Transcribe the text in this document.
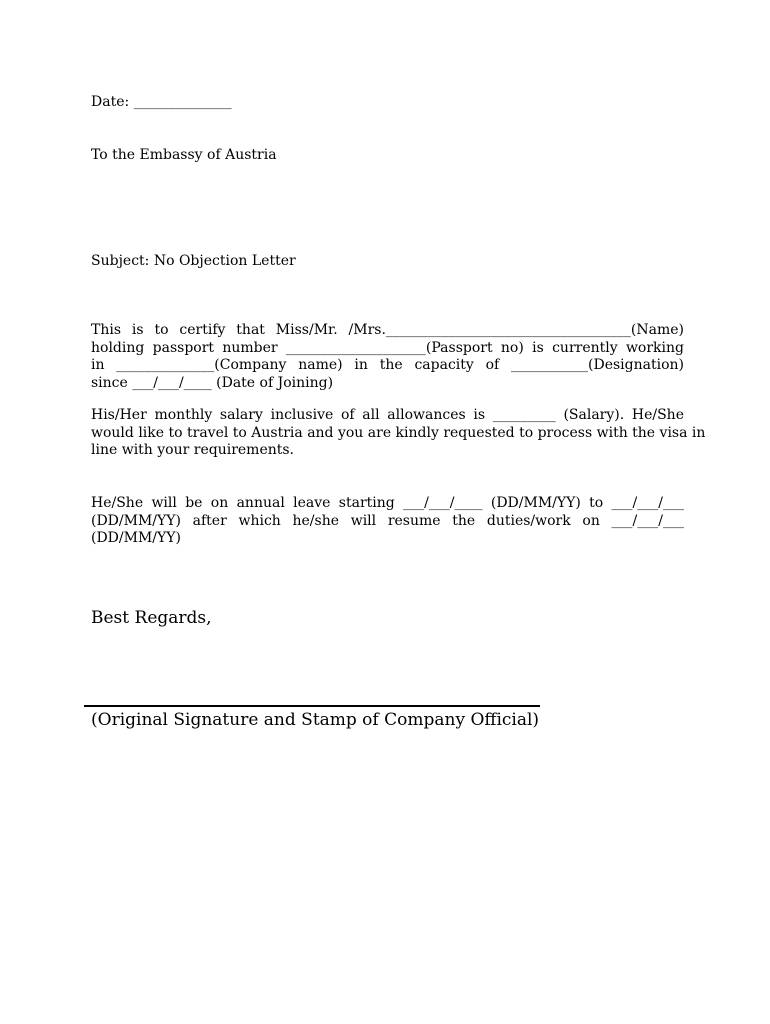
Date: ______________
To the Embassy of Austria
Subject: No Objection Letter
This is to certify that Miss/Mr. /Mrs.___________________________________(Name)
holding passport number ____________________(Passport no) is currently working
in ______________(Company name) in the capacity of ___________(Designation)
since ___/___/____ (Date of Joining)
His/Her monthly salary inclusive of all allowances is _________ (Salary). He/She
would like to travel to Austria and you are kindly requested to process with the visa in
line with your requirements.
He/She will be on annual leave starting ___/___/____ (DD/MM/YY) to ___/___/___
(DD/MM/YY) after which he/she will resume the duties/work on ___/___/___
(DD/MM/YY)
Best Regards,
(Original Signature and Stamp of Company Official)
